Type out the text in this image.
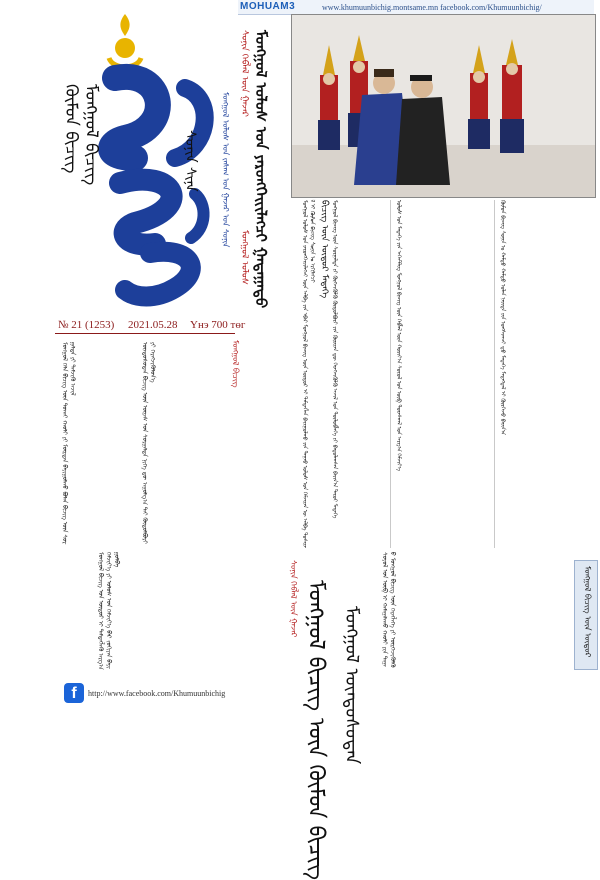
MOHUAM3	www.khumuunbichig.montsame.mn facebook.com/Khumuunbichig/
ᠬᠦᠮᠦᠨ ᠪᠢᠴᠢᠭ ᠮᠣᠩᠭᠣᠯ ᠪᠢᠴᠢᠭ	ᠰᠣᠨᠢᠨ ᠰᠢᠨᠡ	ᠮᠣᠩᠭᠣᠯ ᠤᠯᠤᠰ ᠤᠨ ᠵᠠᠰᠠᠭ ᠤᠨ ᠭᠠᠵᠠᠷ ᠤᠨ ᠰᠣᠨᠢᠨ
ᠰᠣᠨᠢᠨ ᠬᠡᠪᠯᠡᠯ ᠦᠨ ᠭᠠᠵᠠᠷ
ᠮᠣᠩᠭᠣᠯ ᠤᠯᠤᠰ
№ 21 (1253) 2021.05.28 Үнэ 700 төг	ᠮᠣᠩᠭᠣᠯ ᠤᠯᠤᠰ ᠤᠨ ᠶᠡᠷᠦᠩᠬᠡᠢᠢᠯᠡᠭᠴᠢ ᠦᠨ ᠠᠯᠪᠠ ᠶᠢᠨ ᠡᠪᠡᠷ ᠮᠣᠩᠭᠣᠯ ᠪᠢᠴᠢᠭ ᠦᠨ ᠥᠳᠥᠷ ᠢ ᠲᠡᠮᠳᠡᠭᠯᠡᠨ ᠪᠠᠶᠢᠭᠤᠯᠬᠤ ᠶᠢᠨ ᠳᠠᠭᠠᠤ ᠤᠯᠤᠰ ᠤᠨ ᠬᠡᠮᠵᠢᠶᠡᠨ ᠦ ᠠᠯᠪᠠ ᠲᠤᠰᠢᠶᠠᠯ ᠢ ᠬᠦᠮᠦᠨ ᠪᠢᠴᠢᠭ ᠰᠣᠨᠢᠨ ᠤ ᠡᠷᠬᠢᠯᠡᠭᠴᠢ ᠪᠢᠴᠢᠭ ᠦᠨ ᠥᠳᠥᠷ ᠮᠡᠳᠡᠭᠡ ᠮᠣᠩᠭᠣᠯ ᠪᠢᠴᠢᠭ ᠦᠨ ᠰᠤᠷᠭᠠᠯᠲᠠ ᠶᠢ ᠬᠥᠭᠵᠢᠭᠦᠯᠬᠦ ᠬᠥᠲᠦᠯᠪᠦᠷᠢ ᠶᠢᠨ ᠬᠦᠷᠢᠶᠡᠨ ᠳᠦ ᠬᠡᠷᠡᠭᠵᠢᠭᠦᠯᠬᠦ ᠠᠵᠢᠯ ᠤᠨ ᠲᠥᠯᠥᠪᠯᠡᠭᠡ ᠶᠢ ᠪᠠᠲᠤᠯᠠᠭᠰᠠᠨ ᠪᠠᠶᠢᠨ᠎ᠠ ᠳᠠᠷᠤᠢ ᠮᠡᠳᠡᠭᠡ	ᠤᠯᠤᠰ ᠤᠨ ᠮᠡᠳᠡᠭᠡ ᠶᠢᠨ ᠠᠭᠡᠨᠲᠯᠢᠭ ᠮᠣᠩᠭᠣᠯ ᠪᠢᠴᠢᠭ ᠦᠨ ᠬᠡᠪᠯᠡᠯ ᠦᠨ ᠬᠣᠷᠢᠶ᠎ᠠ ᠰᠣᠶᠣᠯ ᠤᠨ ᠥᠪ ᠳᠤᠷᠠᠰᠬᠠᠯ ᠤᠨ ᠠᠷᠭ᠎ᠠ ᠬᠡᠮᠵᠢᠶ᠎ᠡ	ᠬᠦᠮᠦᠨ ᠪᠢᠴᠢᠭ ᠰᠣᠨᠢᠨ ᠤ ᠬᠠᠮᠲᠤ ᠬᠠᠮᠲᠤ ᠣᠯᠠᠨ ᠨᠡᠶᠢᠲᠡ ᠶᠢᠨ ᠤᠩᠰᠢᠭᠴᠢ ᠳ᠋ᠤ ᠮᠡᠳᠡᠭᠡ ᠮᠡᠳᠡᠭᠳᠡᠯ ᠢ ᠬᠦᠷᠭᠡᠵᠦ ᠪᠠᠶᠢᠨ᠎ᠠ
ᠮᠣᠩᠭᠣᠯ ᠤᠯᠤᠰ ᠤᠨ ᠶᠡᠷᠦᠩᠬᠡᠢᠢᠯᠡᠭᠴᠢ ᠭᠠᠳᠠᠭᠠᠳᠤ
ᠮᠣᠩᠭᠣᠯ ᠬᠡᠯᠡ ᠪᠢᠴᠢᠭ ᠦᠨ ᠲᠤᠬᠠᠢ ᠬᠠᠤᠯᠢ ᠶᠢ ᠮᠥᠷᠳᠡᠨ ᠪᠠᠶᠢᠭᠤᠯᠬᠤ ᠪᠣᠯᠠᠨ ᠪᠢᠴᠢᠭ ᠦᠨ ᠰᠤᠷᠭᠠᠯᠲᠠ ᠶᠢ ᠳᠡᠮᠵᠢᠬᠦ ᠠᠵᠢᠯ	ᠦᠨᠳᠦᠰᠦᠲᠡᠨ ᠪᠢᠴᠢᠭ ᠦᠨ ᠦᠶᠡᠰ ᠤᠨ ᠰᠤᠷᠭᠠᠯᠲᠠ ᠨᠢᠭᠡ ᠳᠦ ᠠᠭᠤᠯᠭ᠎ᠠ ᠲᠠᠢ ᠬᠥᠲᠦᠯᠪᠦᠷᠢ ᠶᠢ ᠬᠡᠷᠡᠭᠵᠢᠭᠦᠯᠦᠨ᠎ᠡ	ᠮᠣᠩᠭᠣᠯ ᠪᠢᠴᠢᠭ
ᠮᠣᠩᠭᠣᠯ ᠪᠢᠴᠢᠭ ᠤᠨ ᠥᠳᠥᠷ ᠢ ᠲᠡᠮᠳᠡᠭᠯᠡᠬᠦ ᠠᠷᠭ᠎ᠠ ᠬᠡᠮᠵᠢᠶ᠎ᠡ ᠶᠢ ᠤᠯᠤᠰ ᠤᠨ ᠬᠡᠮᠵᠢᠶ᠎ᠡ ᠪᠡᠷ ᠵᠣᠬᠢᠶᠠᠨ ᠪᠠᠶᠢᠭᠤᠯᠪᠠ	ᠰᠣᠶᠣᠯ ᠤᠨ ᠥᠪ ᠢ ᠬᠠᠮᠠᠭᠠᠯᠠᠬᠤ ᠬᠠᠤᠯᠢ ᠶᠢᠨ ᠳᠠᠭᠠᠤ ᠮᠣᠩᠭᠣᠯ ᠪᠢᠴᠢᠭ ᠦᠨ ᠬᠡᠷᠡᠭᠯᠡᠭᠡ ᠶᠢ ᠥᠷᠭᠡᠵᠢᠭᠦᠯᠬᠦ
ᠮᠣᠩᠭᠣᠯ ᠪᠢᠴᠢᠭ ᠦᠨ ᠬᠦᠮᠦᠨ ᠪᠢᠴᠢᠭ ᠮᠣᠩᠭᠣᠯ ᠦᠨᠳᠦᠰᠦᠲᠡᠨ
ᠰᠣᠨᠢᠨ ᠬᠡᠪᠯᠡᠯ ᠦᠨ ᠭᠠᠵᠠᠷ	ᠮᠣᠩᠭᠣᠯ ᠪᠢᠴᠢᠭ ᠦᠨ ᠥᠳᠥᠷ
f	http://www.facebook.com/Khumuunbichig
